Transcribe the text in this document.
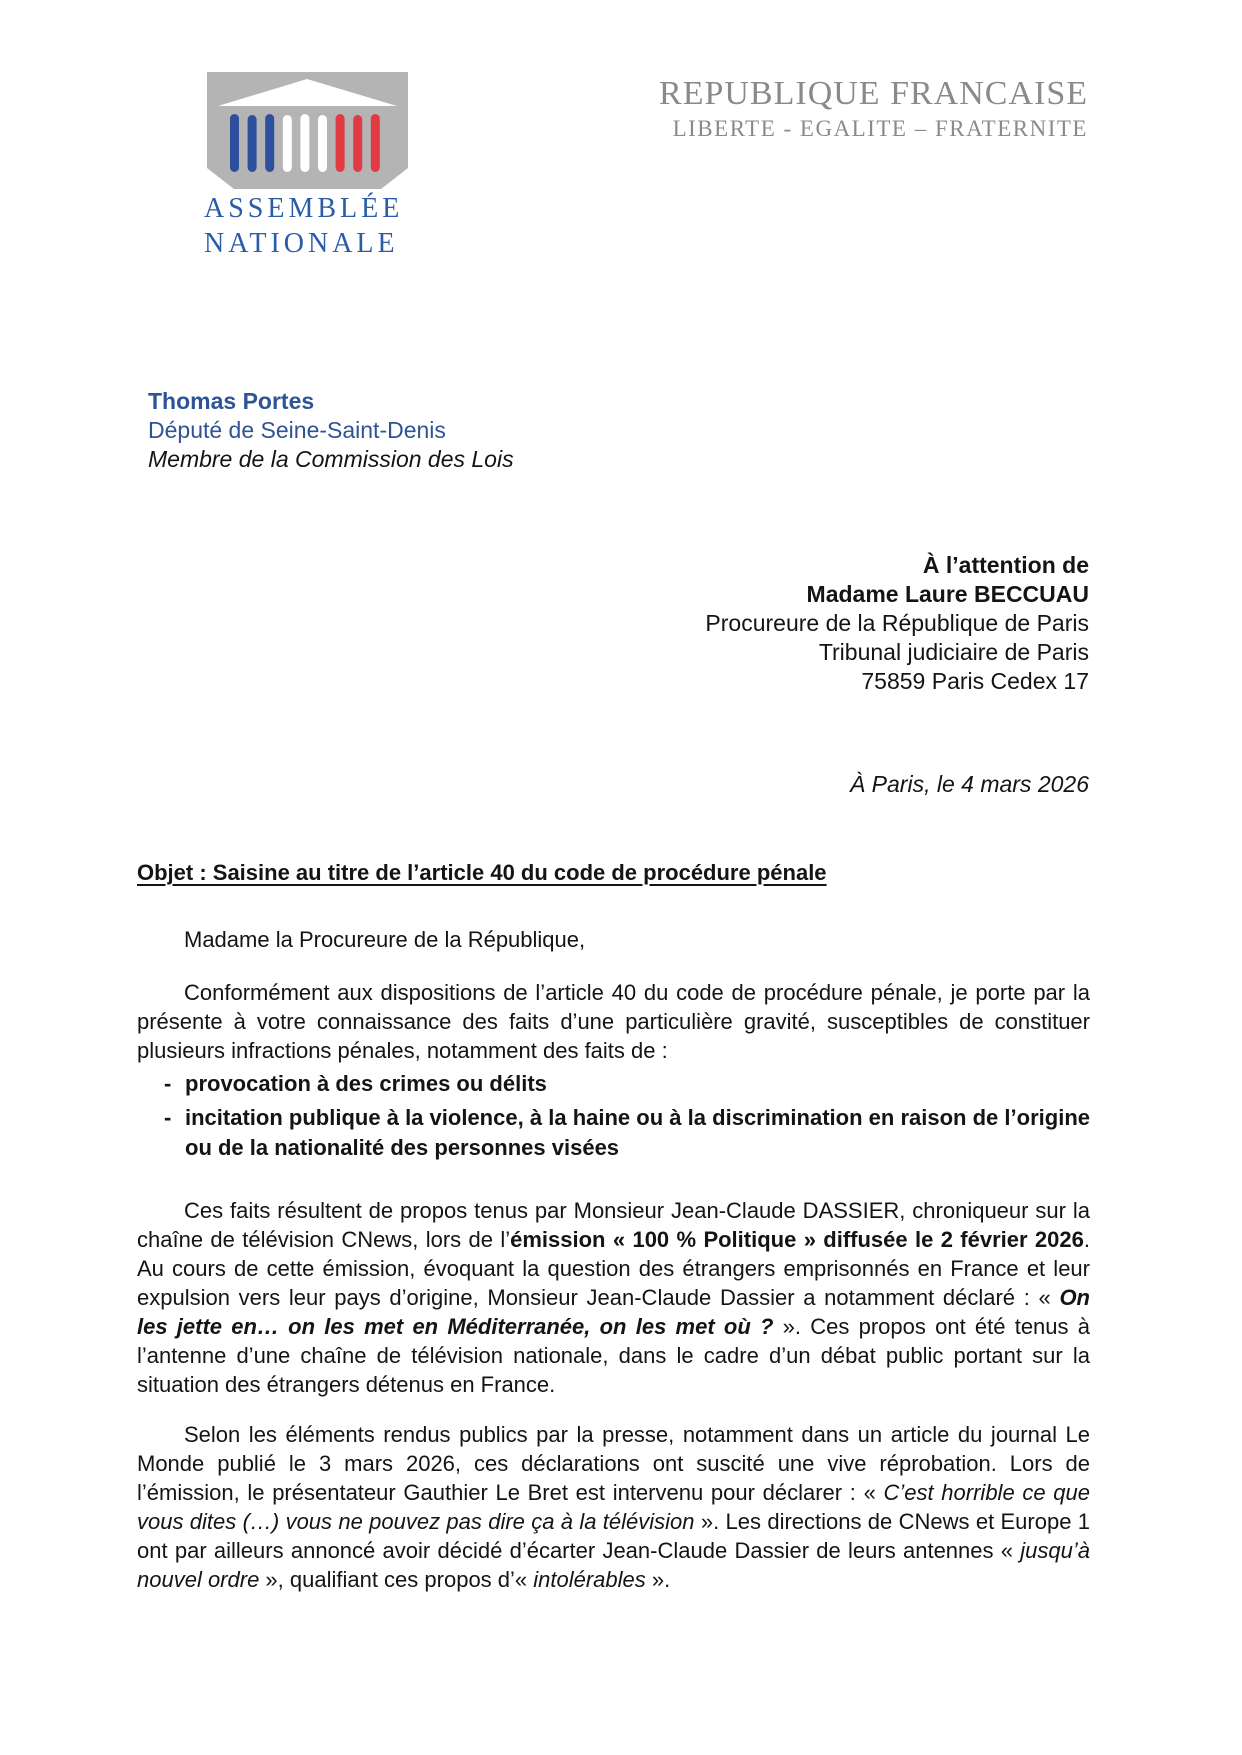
ASSEMBLÉE
NATIONALE
REPUBLIQUE FRANCAISE
LIBERTE - EGALITE – FRATERNITE
Thomas Portes
Député de Seine-Saint-Denis
Membre de la Commission des Lois
À l’attention de
Madame Laure BECCUAU
Procureure de la République de Paris
Tribunal judiciaire de Paris
75859 Paris Cedex 17
À Paris, le 4 mars 2026

Objet : Saisine au titre de l’article 40 du code de procédure pénale

Madame la Procureure de la République,

Conformément aux dispositions de l’article 40 du code de procédure pénale, je porte par la présente à votre connaissance des faits d’une particulière gravité, susceptibles de constituer plusieurs infractions pénales, notamment des faits de :

- provocation à des crimes ou délits
- incitation publique à la violence, à la haine ou à la discrimination en raison de l’origine ou de la nationalité des personnes visées

Ces faits résultent de propos tenus par Monsieur Jean-Claude DASSIER, chroniqueur sur la chaîne de télévision CNews, lors de l’émission « 100 % Politique » diffusée le 2 février 2026. Au cours de cette émission, évoquant la question des étrangers emprisonnés en France et leur expulsion vers leur pays d’origine, Monsieur Jean-Claude Dassier a notamment déclaré : « On les jette en… on les met en Méditerranée, on les met où ? ». Ces propos ont été tenus à l’antenne d’une chaîne de télévision nationale, dans le cadre d’un débat public portant sur la situation des étrangers détenus en France.

Selon les éléments rendus publics par la presse, notamment dans un article du journal Le Monde publié le 3 mars 2026, ces déclarations ont suscité une vive réprobation. Lors de l’émission, le présentateur Gauthier Le Bret est intervenu pour déclarer : « C’est horrible ce que vous dites (…) vous ne pouvez pas dire ça à la télévision ». Les directions de CNews et Europe 1 ont par ailleurs annoncé avoir décidé d’écarter Jean-Claude Dassier de leurs antennes « jusqu’à nouvel ordre », qualifiant ces propos d’« intolérables ».
